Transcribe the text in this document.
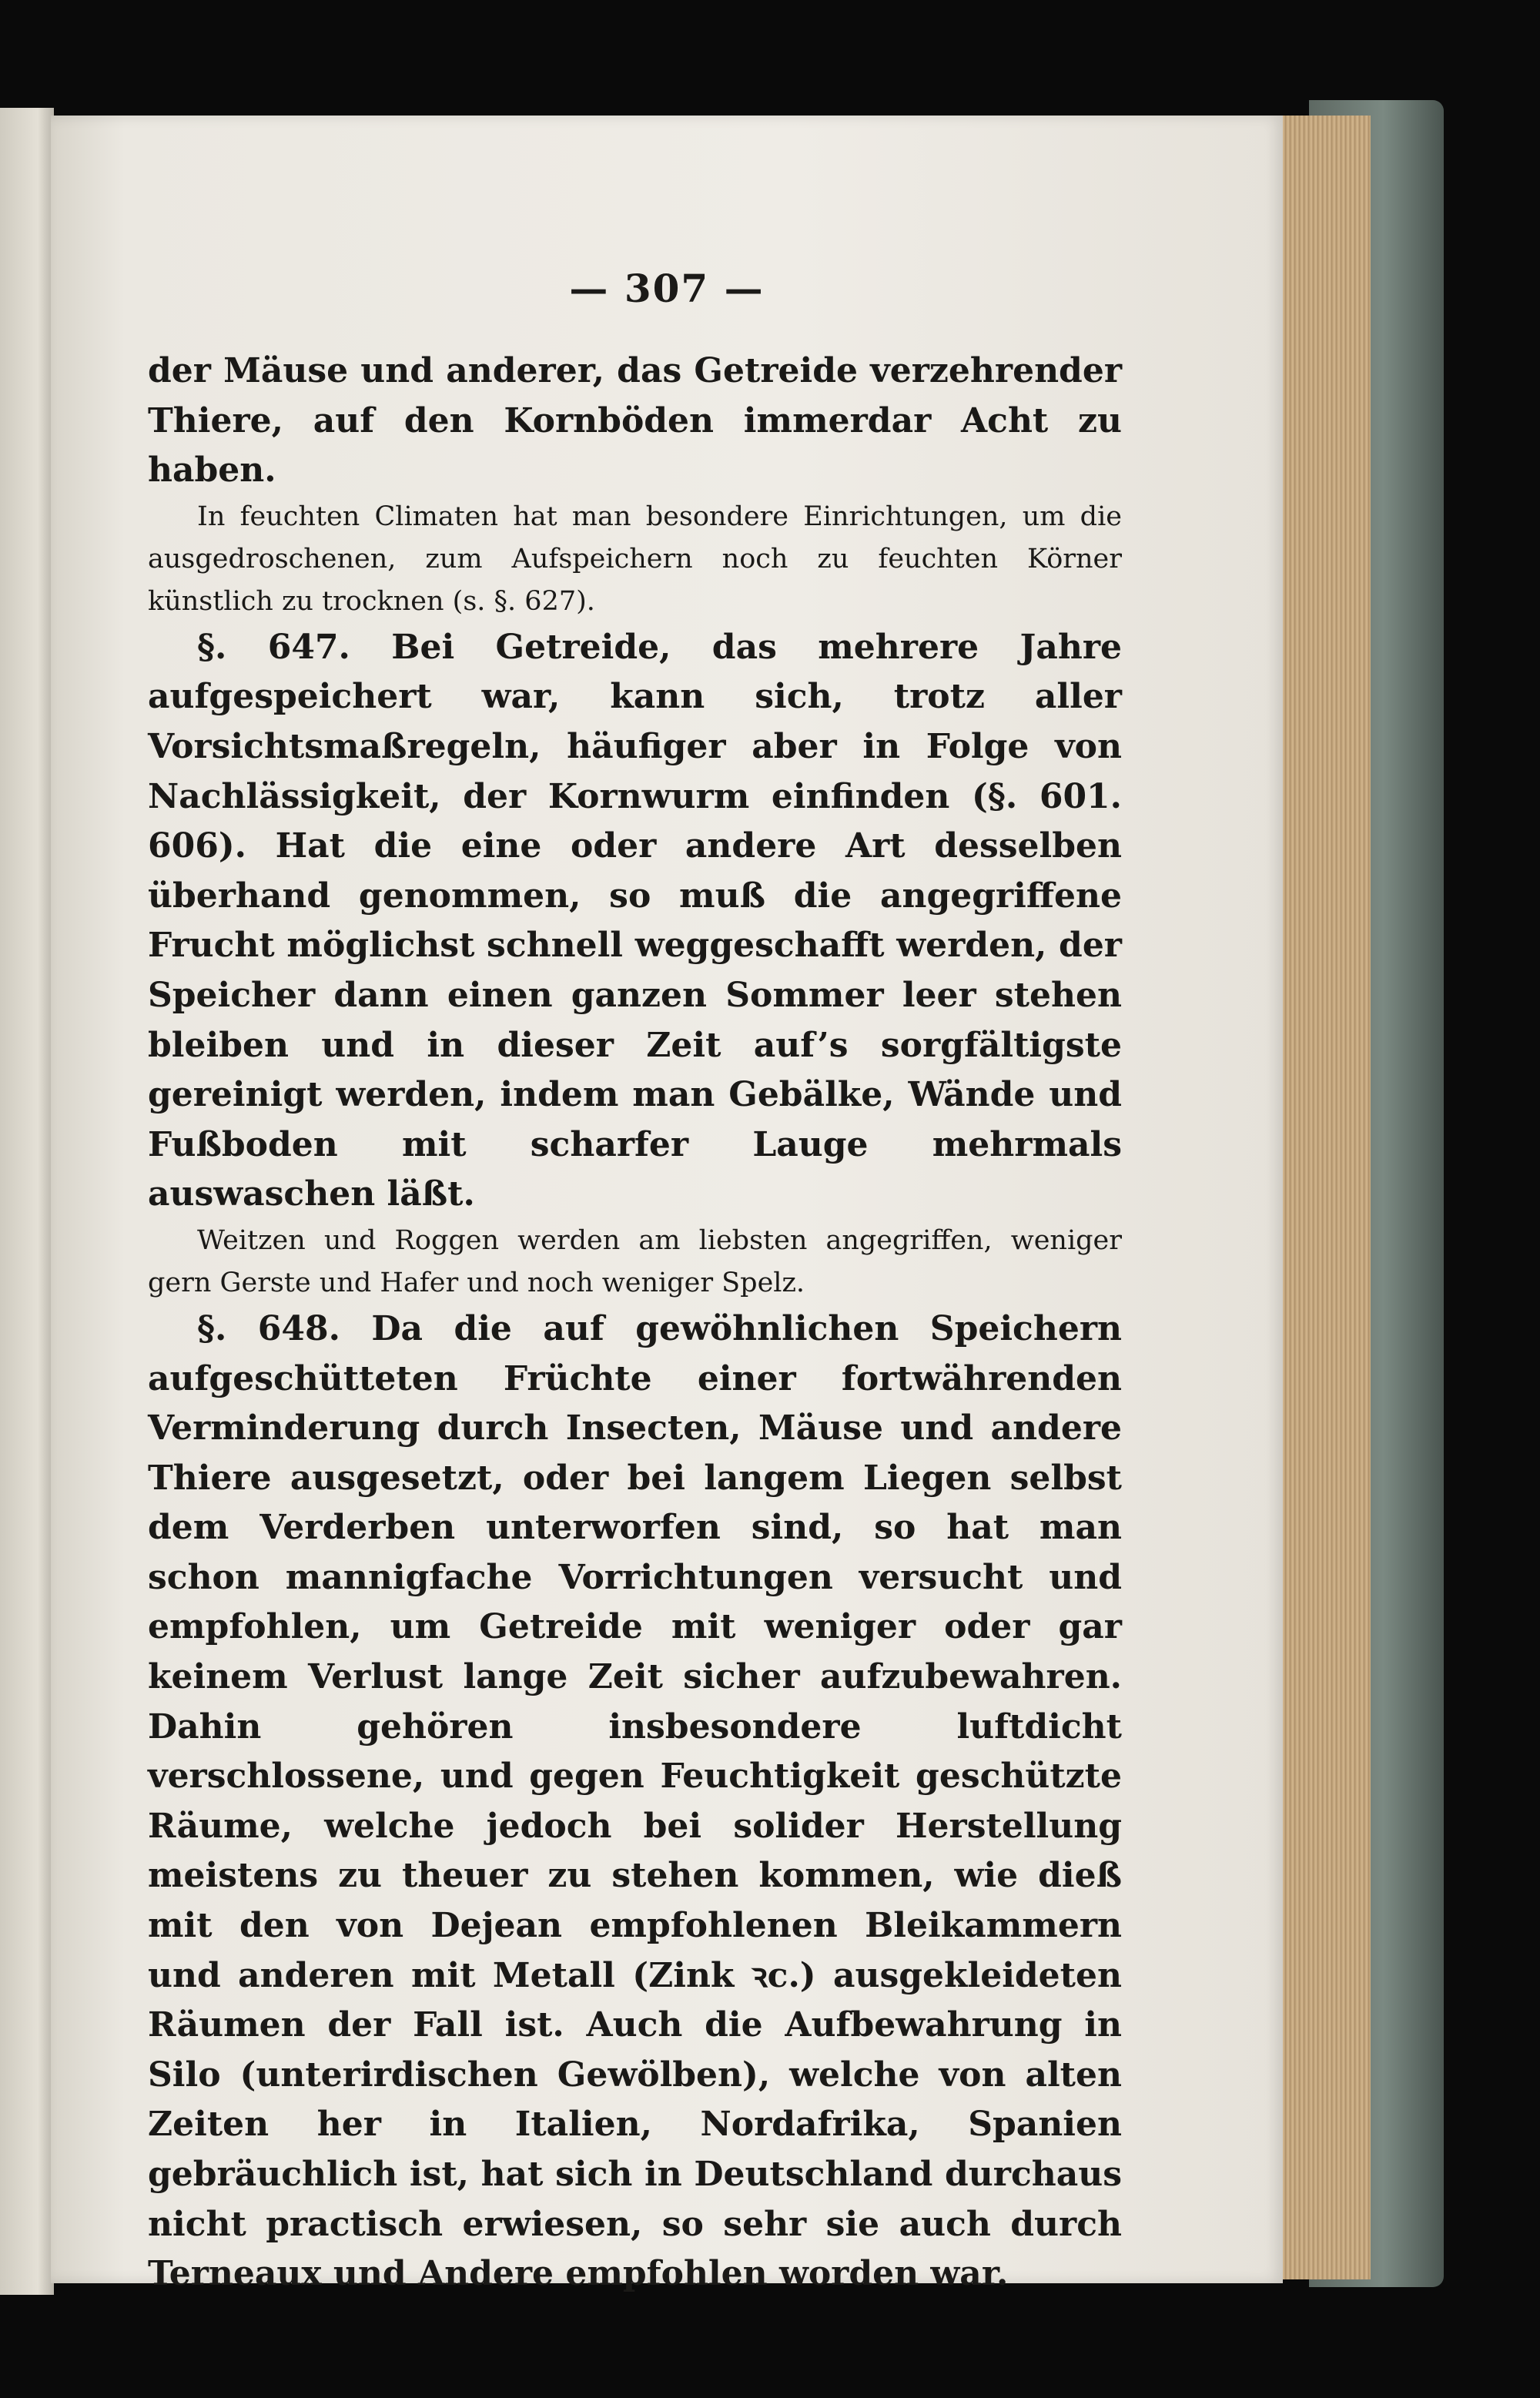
— 307 —

der Mäuse und anderer, das Getreide verzehrender Thiere, auf den Kornböden immerdar Acht zu haben.

In feuchten Climaten hat man besondere Einrichtungen, um die ausgedroschenen, zum Aufspeichern noch zu feuchten Körner künstlich zu trocknen (s. §. 627).

§. 647. Bei Getreide, das mehrere Jahre aufgespeichert war, kann sich, trotz aller Vorsichtsmaßregeln, häufiger aber in Folge von Nachlässigkeit, der Kornwurm einfinden (§. 601. 606). Hat die eine oder andere Art desselben überhand genommen, so muß die angegriffene Frucht möglichst schnell weggeschafft werden, der Speicher dann einen ganzen Sommer leer stehen bleiben und in dieser Zeit auf’s sorgfältigste gereinigt werden, indem man Gebälke, Wände und Fußboden mit scharfer Lauge mehrmals auswaschen läßt.

Weitzen und Roggen werden am liebsten angegriffen, weniger gern Gerste und Hafer und noch weniger Spelz.

§. 648. Da die auf gewöhnlichen Speichern aufgeschütteten Früchte einer fortwährenden Verminderung durch Insecten, Mäuse und andere Thiere ausgesetzt, oder bei langem Liegen selbst dem Verderben unterworfen sind, so hat man schon mannigfache Vorrichtungen versucht und empfohlen, um Getreide mit weniger oder gar keinem Verlust lange Zeit sicher aufzubewahren. Dahin gehören insbesondere luftdicht verschlossene, und gegen Feuchtigkeit geschützte Räume, welche jedoch bei solider Herstellung meistens zu theuer zu stehen kommen, wie dieß mit den von Dejean empfohlenen Bleikammern und anderen mit Metall (Zink ꝛc.) ausgekleideten Räumen der Fall ist. Auch die Aufbewahrung in Silo (unterirdischen Gewölben), welche von alten Zeiten her in Italien, Nordafrika, Spanien gebräuchlich ist, hat sich in Deutschland durchaus nicht practisch erwiesen, so sehr sie auch durch Terneaux und Andere empfohlen worden war.
